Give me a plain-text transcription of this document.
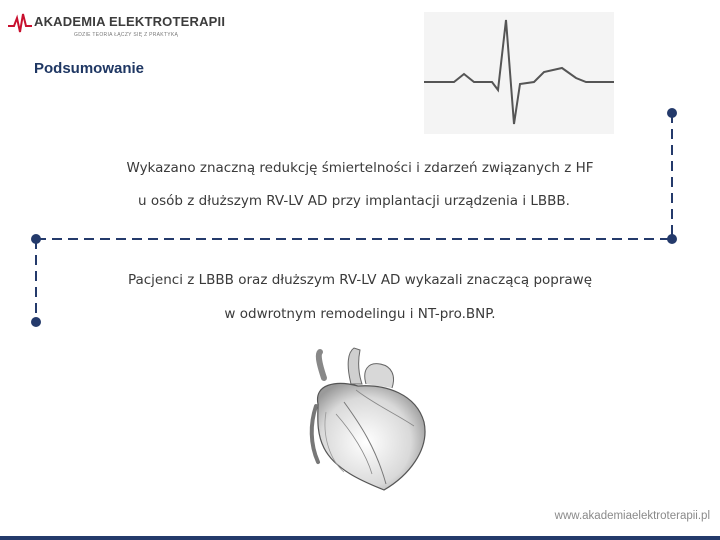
AKADEMIA ELEKTROTERAPII
GDZIE TEORIA ŁĄCZY SIĘ Z PRAKTYKĄ
Podsumowanie
Wykazano znaczną redukcję śmiertelności i zdarzeń związanych z HF
u osób z dłuższym RV-LV AD przy implantacji urządzenia i LBBB.
Pacjenci z LBBB oraz dłuższym RV-LV AD wykazali znaczącą poprawę
w odwrotnym remodelingu i NT-pro.BNP.
www.akademiaelektroterapii.pl
